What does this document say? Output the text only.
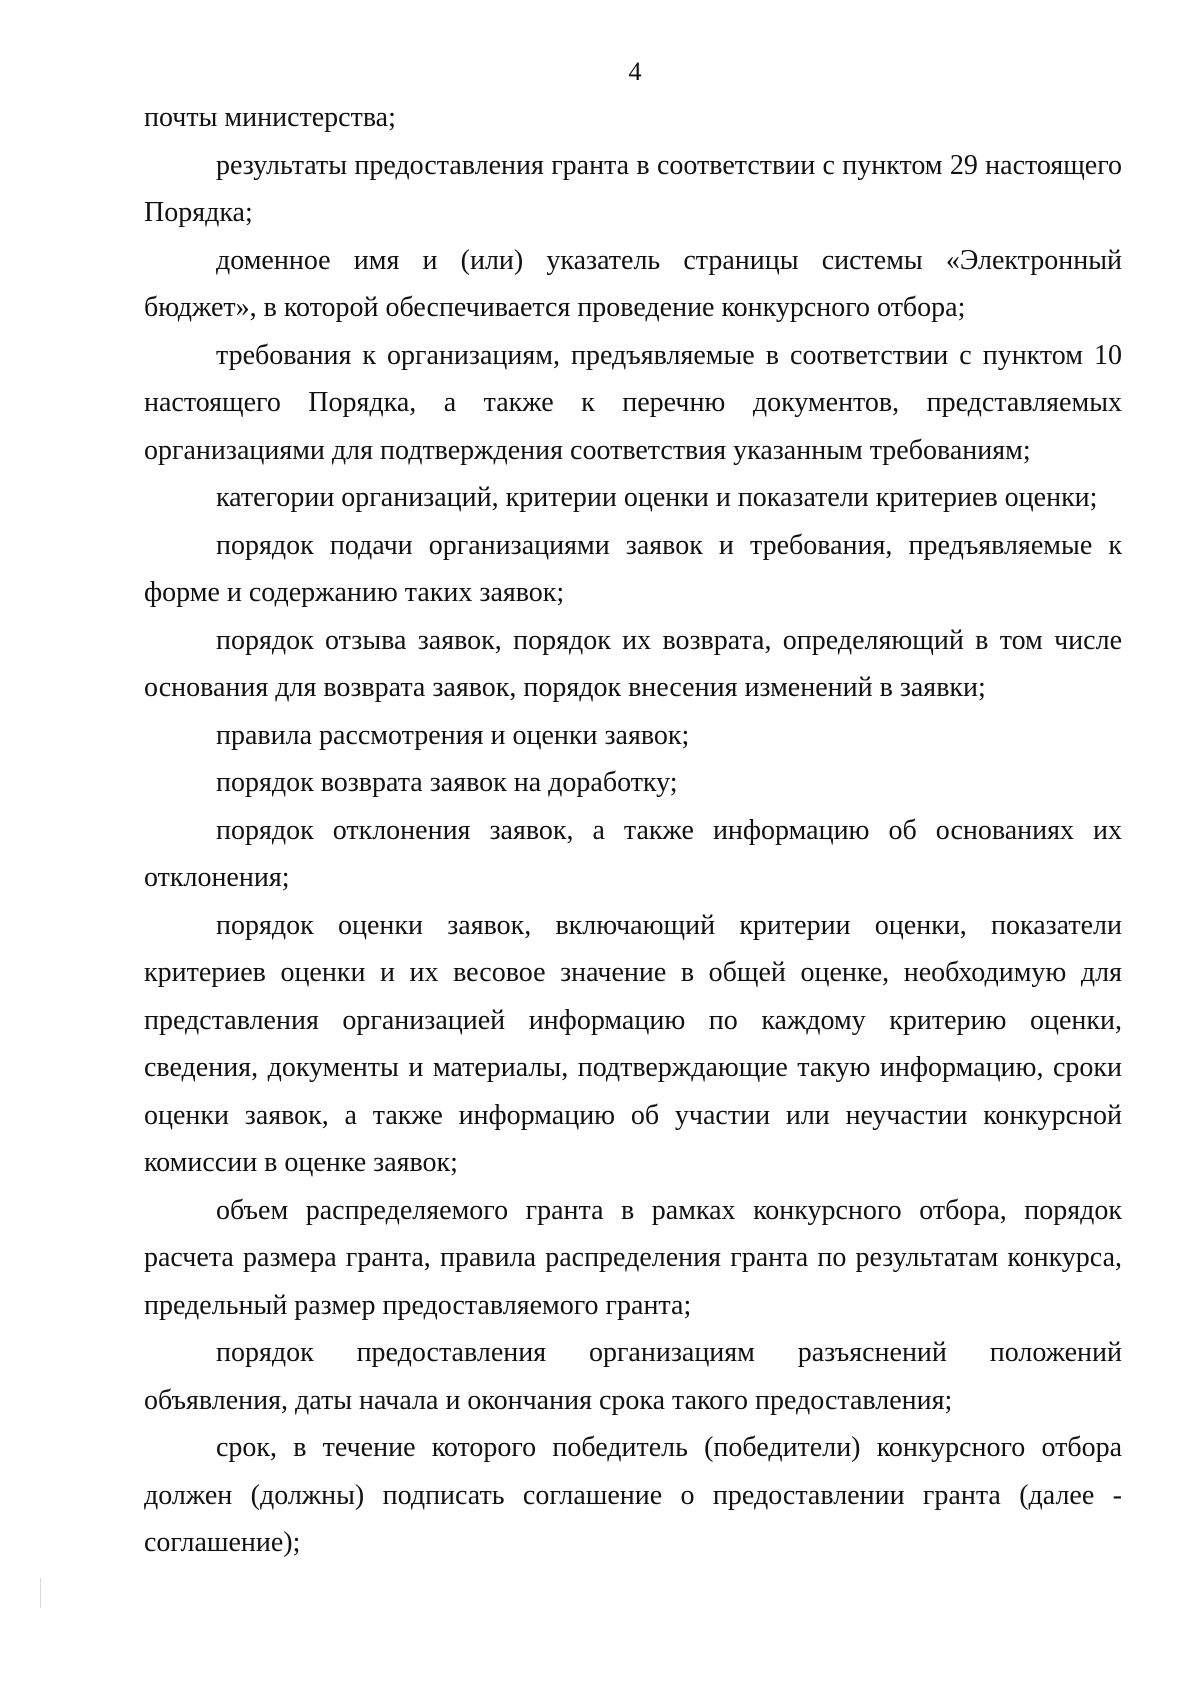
4

почты министерства;

результаты предоставления гранта в соответствии с пунктом 29 настоящего Порядка;

доменное имя и (или) указатель страницы системы «Электронный бюджет», в которой обеспечивается проведение конкурсного отбора;

требования к организациям, предъявляемые в соответствии с пунктом 10 настоящего Порядка, а также к перечню документов, представляемых организациями для подтверждения соответствия указанным требованиям;

категории организаций, критерии оценки и показатели критериев оценки;

порядок подачи организациями заявок и требования, предъявляемые к форме и содержанию таких заявок;

порядок отзыва заявок, порядок их возврата, определяющий в том числе основания для возврата заявок, порядок внесения изменений в заявки;

правила рассмотрения и оценки заявок;

порядок возврата заявок на доработку;

порядок отклонения заявок, а также информацию об основаниях их отклонения;

порядок оценки заявок, включающий критерии оценки, показатели критериев оценки и их весовое значение в общей оценке, необходимую для представления организацией информацию по каждому критерию оценки, сведения, документы и материалы, подтверждающие такую информацию, сроки оценки заявок, а также информацию об участии или неучастии конкурсной комиссии в оценке заявок;

объем распределяемого гранта в рамках конкурсного отбора, порядок расчета размера гранта, правила распределения гранта по результатам конкурса, предельный размер предоставляемого гранта;

порядок предоставления организациям разъяснений положений объявления, даты начала и окончания срока такого предоставления;

срок, в течение которого победитель (победители) конкурсного отбора должен (должны) подписать соглашение о предоставлении гранта (далее - соглашение);
